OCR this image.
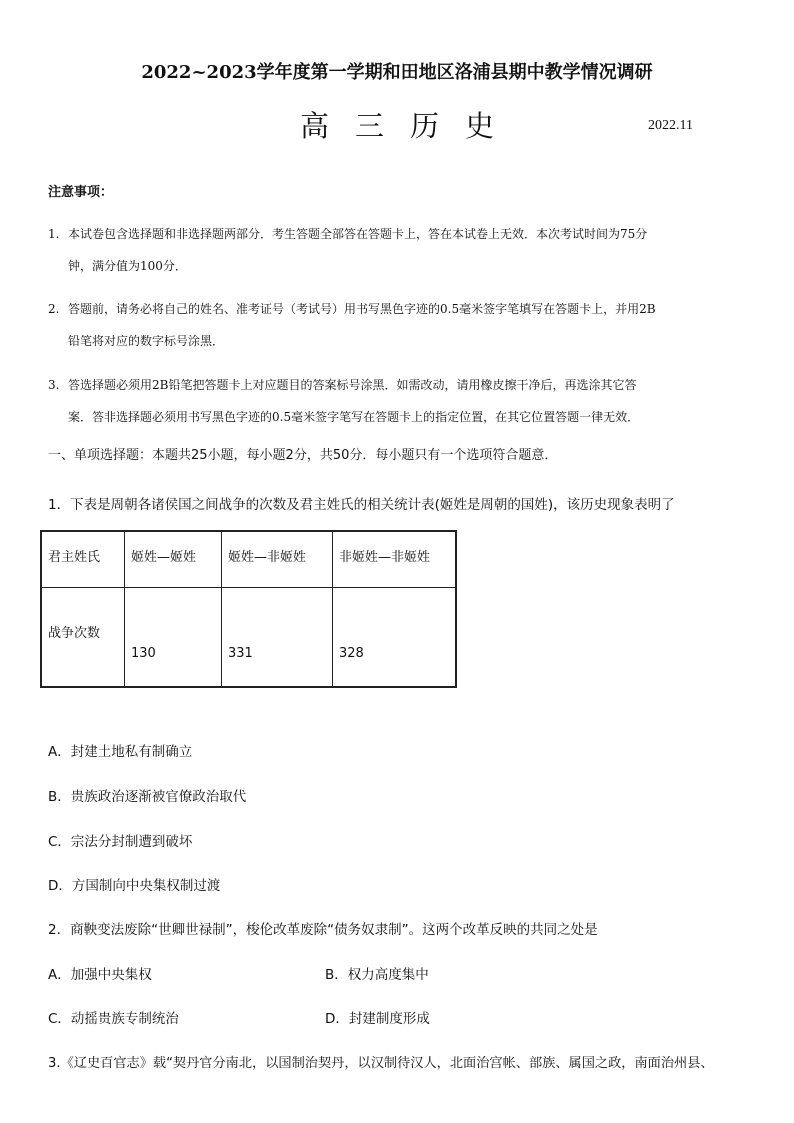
2022~2023学年度第一学期和田地区洛浦县期中教学情况调研
高 三 历 史	2022.11
注意事项：
1. 本试卷包含选择题和非选择题两部分．考生答题全部答在答题卡上，答在本试卷上无效．本次考试时间为75分
钟，满分值为100分．
2. 答题前，请务必将自己的姓名、准考证号（考试号）用书写黑色字迹的0.5毫米签字笔填写在答题卡上，并用2B
铅笔将对应的数字标号涂黑．
3. 答选择题必须用2B铅笔把答题卡上对应题目的答案标号涂黑．如需改动，请用橡皮擦干净后，再选涂其它答
案．答非选择题必须用书写黑色字迹的0.5毫米签字笔写在答题卡上的指定位置，在其它位置答题一律无效．
一、单项选择题：本题共25小题，每小题2分，共50分．每小题只有一个选项符合题意．
1．下表是周朝各诸侯国之间战争的次数及君主姓氏的相关统计表(姬姓是周朝的国姓)，该历史现象表明了
君主姓氏	姬姓—姬姓	姬姓—非姬姓	非姬姓—非姬姓
战争次数	130	331	328
A．封建土地私有制确立
B．贵族政治逐渐被官僚政治取代
C．宗法分封制遭到破坏
D．方国制向中央集权制过渡
2．商鞅变法废除“世卿世禄制”，梭伦改革废除“债务奴隶制”。这两个改革反映的共同之处是
A．加强中央集权	B．权力高度集中
C．动摇贵族专制统治	D．封建制度形成
3.《辽史百官志》载“契丹官分南北，以国制治契丹，以汉制待汉人，北面治宫帐、部族、属国之政，南面治州县、
